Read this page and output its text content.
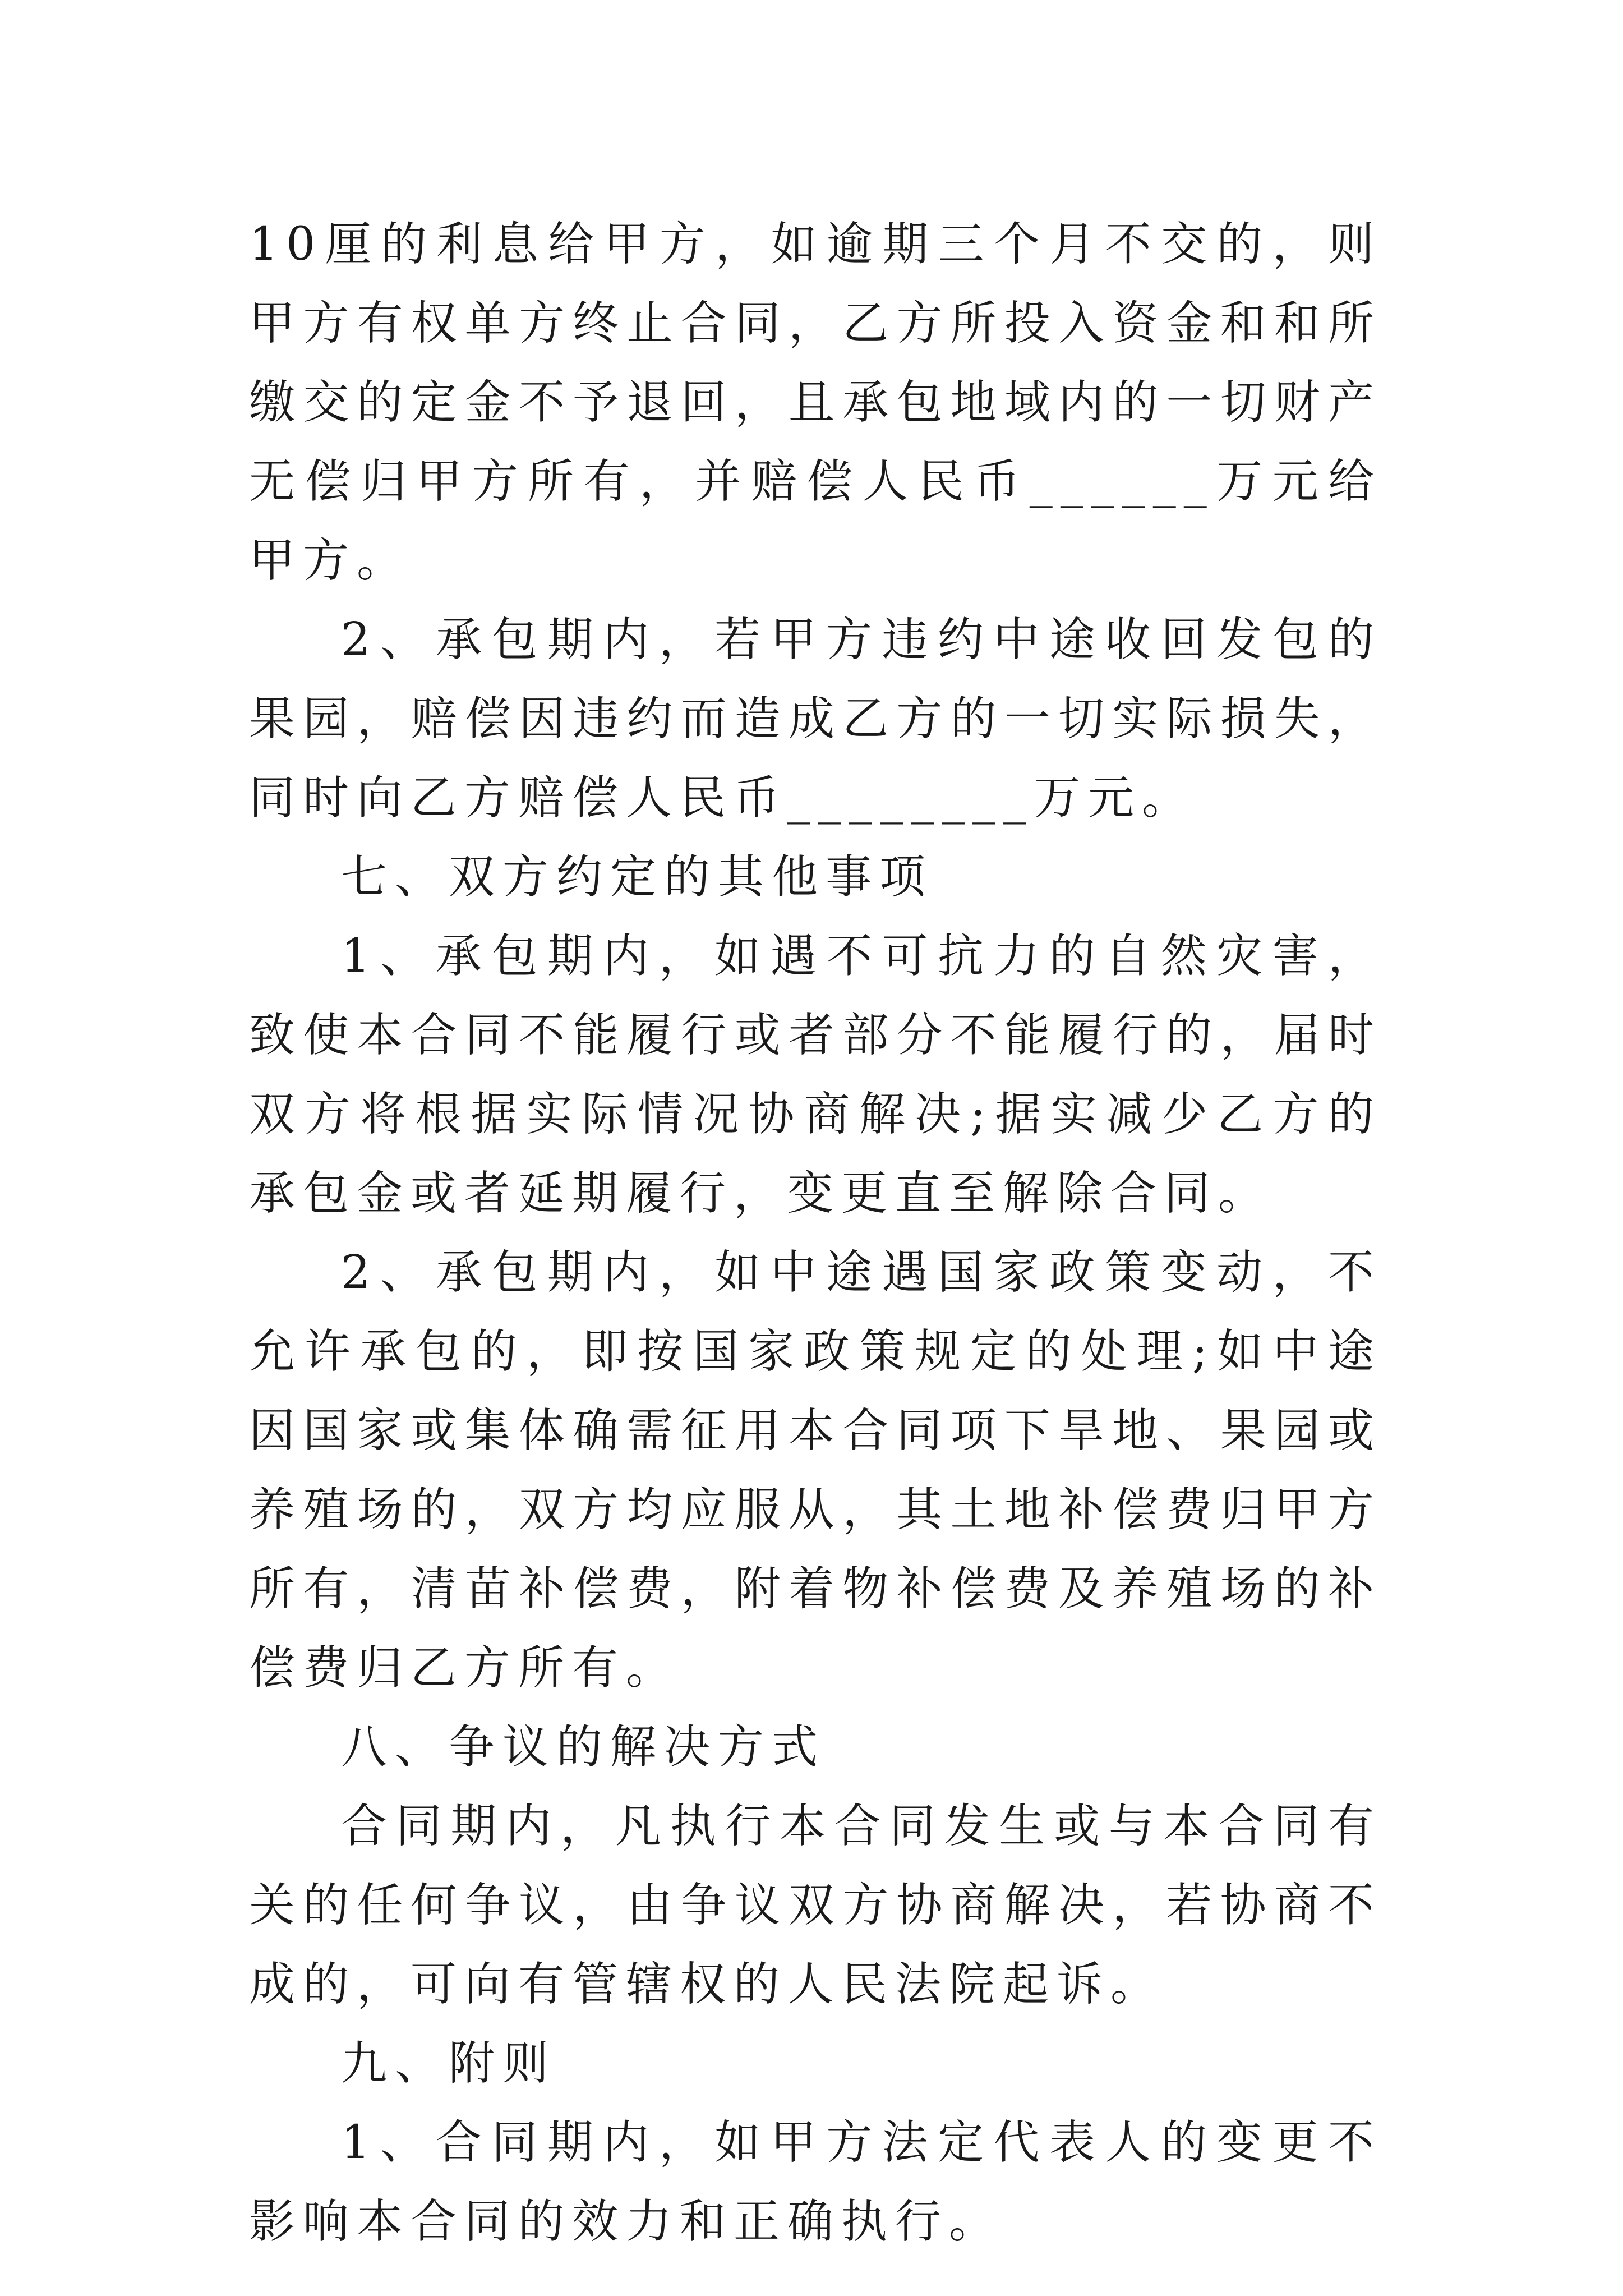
10厘的利息给甲方，如逾期三个月不交的，则甲方有权单方终止合同，乙方所投入资金和和所缴交的定金不予退回，且承包地域内的一切财产无偿归甲方所有，并赔偿人民币______万元给甲方。

2、承包期内，若甲方违约中途收回发包的果园，赔偿因违约而造成乙方的一切实际损失，同时向乙方赔偿人民币________万元。

七、双方约定的其他事项

1、承包期内，如遇不可抗力的自然灾害，致使本合同不能履行或者部分不能履行的，届时双方将根据实际情况协商解决;据实减少乙方的承包金或者延期履行，变更直至解除合同。

2、承包期内，如中途遇国家政策变动，不允许承包的，即按国家政策规定的处理;如中途因国家或集体确需征用本合同项下旱地、果园或养殖场的，双方均应服从，其土地补偿费归甲方所有，清苗补偿费，附着物补偿费及养殖场的补偿费归乙方所有。

八、争议的解决方式

合同期内，凡执行本合同发生或与本合同有关的任何争议，由争议双方协商解决，若协商不成的，可向有管辖权的人民法院起诉。

九、附则

1、合同期内，如甲方法定代表人的变更不影响本合同的效力和正确执行。
